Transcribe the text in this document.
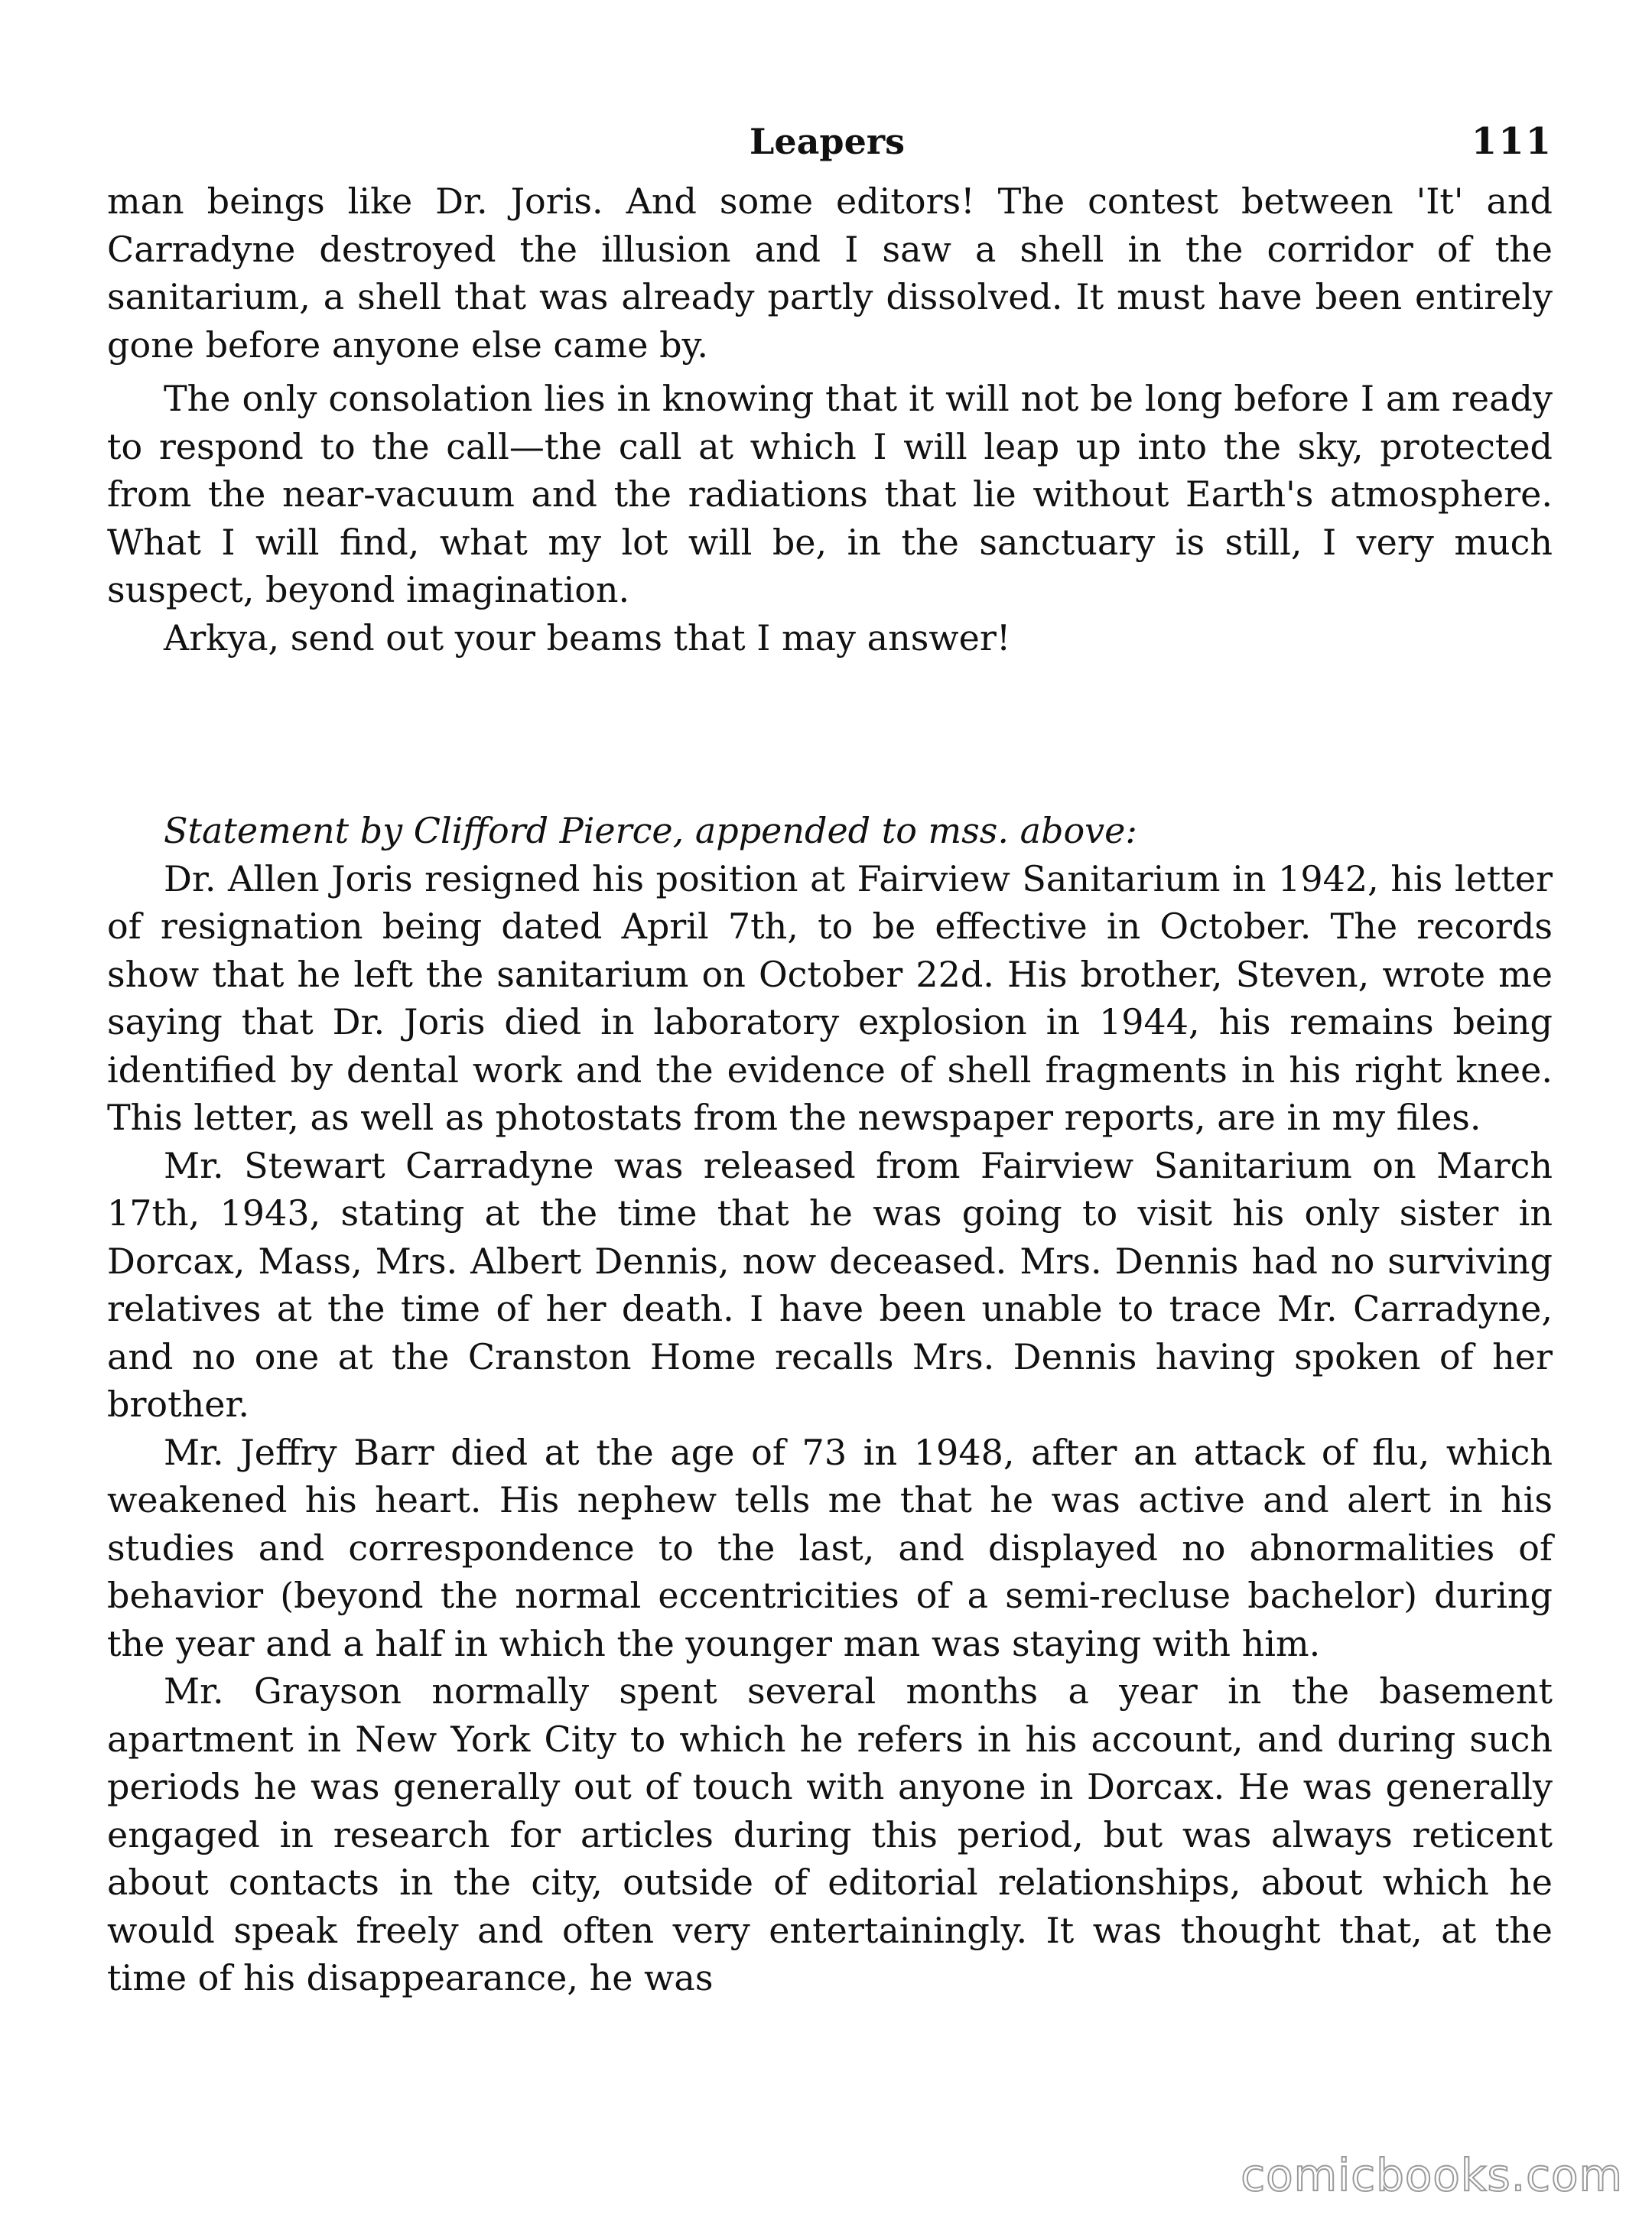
Leapers	111

man beings like Dr. Joris. And some editors! The contest between 'It' and Carradyne destroyed the illusion and I saw a shell in the corridor of the sanitarium, a shell that was already partly dissolved. It must have been entirely gone before anyone else came by.

The only consolation lies in knowing that it will not be long before I am ready to respond to the call—the call at which I will leap up into the sky, protected from the near-vacuum and the radiations that lie without Earth's atmosphere. What I will find, what my lot will be, in the sanctuary is still, I very much suspect, beyond imagination.

Arkya, send out your beams that I may answer!

Statement by Clifford Pierce, appended to mss. above:

Dr. Allen Joris resigned his position at Fairview Sanitarium in 1942, his letter of resignation being dated April 7th, to be effective in October. The records show that he left the sanitarium on October 22d. His brother, Steven, wrote me saying that Dr. Joris died in laboratory explosion in 1944, his remains being identified by dental work and the evidence of shell fragments in his right knee. This letter, as well as photostats from the newspaper reports, are in my files.

Mr. Stewart Carradyne was released from Fairview Sanitarium on March 17th, 1943, stating at the time that he was going to visit his only sister in Dorcax, Mass, Mrs. Albert Dennis, now deceased. Mrs. Dennis had no surviving relatives at the time of her death. I have been unable to trace Mr. Carradyne, and no one at the Cranston Home recalls Mrs. Dennis having spoken of her brother.

Mr. Jeffry Barr died at the age of 73 in 1948, after an attack of flu, which weakened his heart. His nephew tells me that he was active and alert in his studies and correspondence to the last, and displayed no abnormalities of behavior (beyond the normal eccentricities of a semi-recluse bachelor) during the year and a half in which the younger man was staying with him.

Mr. Grayson normally spent several months a year in the basement apartment in New York City to which he refers in his account, and during such periods he was generally out of touch with anyone in Dorcax. He was generally engaged in research for articles during this period, but was always reticent about contacts in the city, outside of editorial relationships, about which he would speak freely and often very entertainingly. It was thought that, at the time of his disappearance, he was

comicbooks.com
